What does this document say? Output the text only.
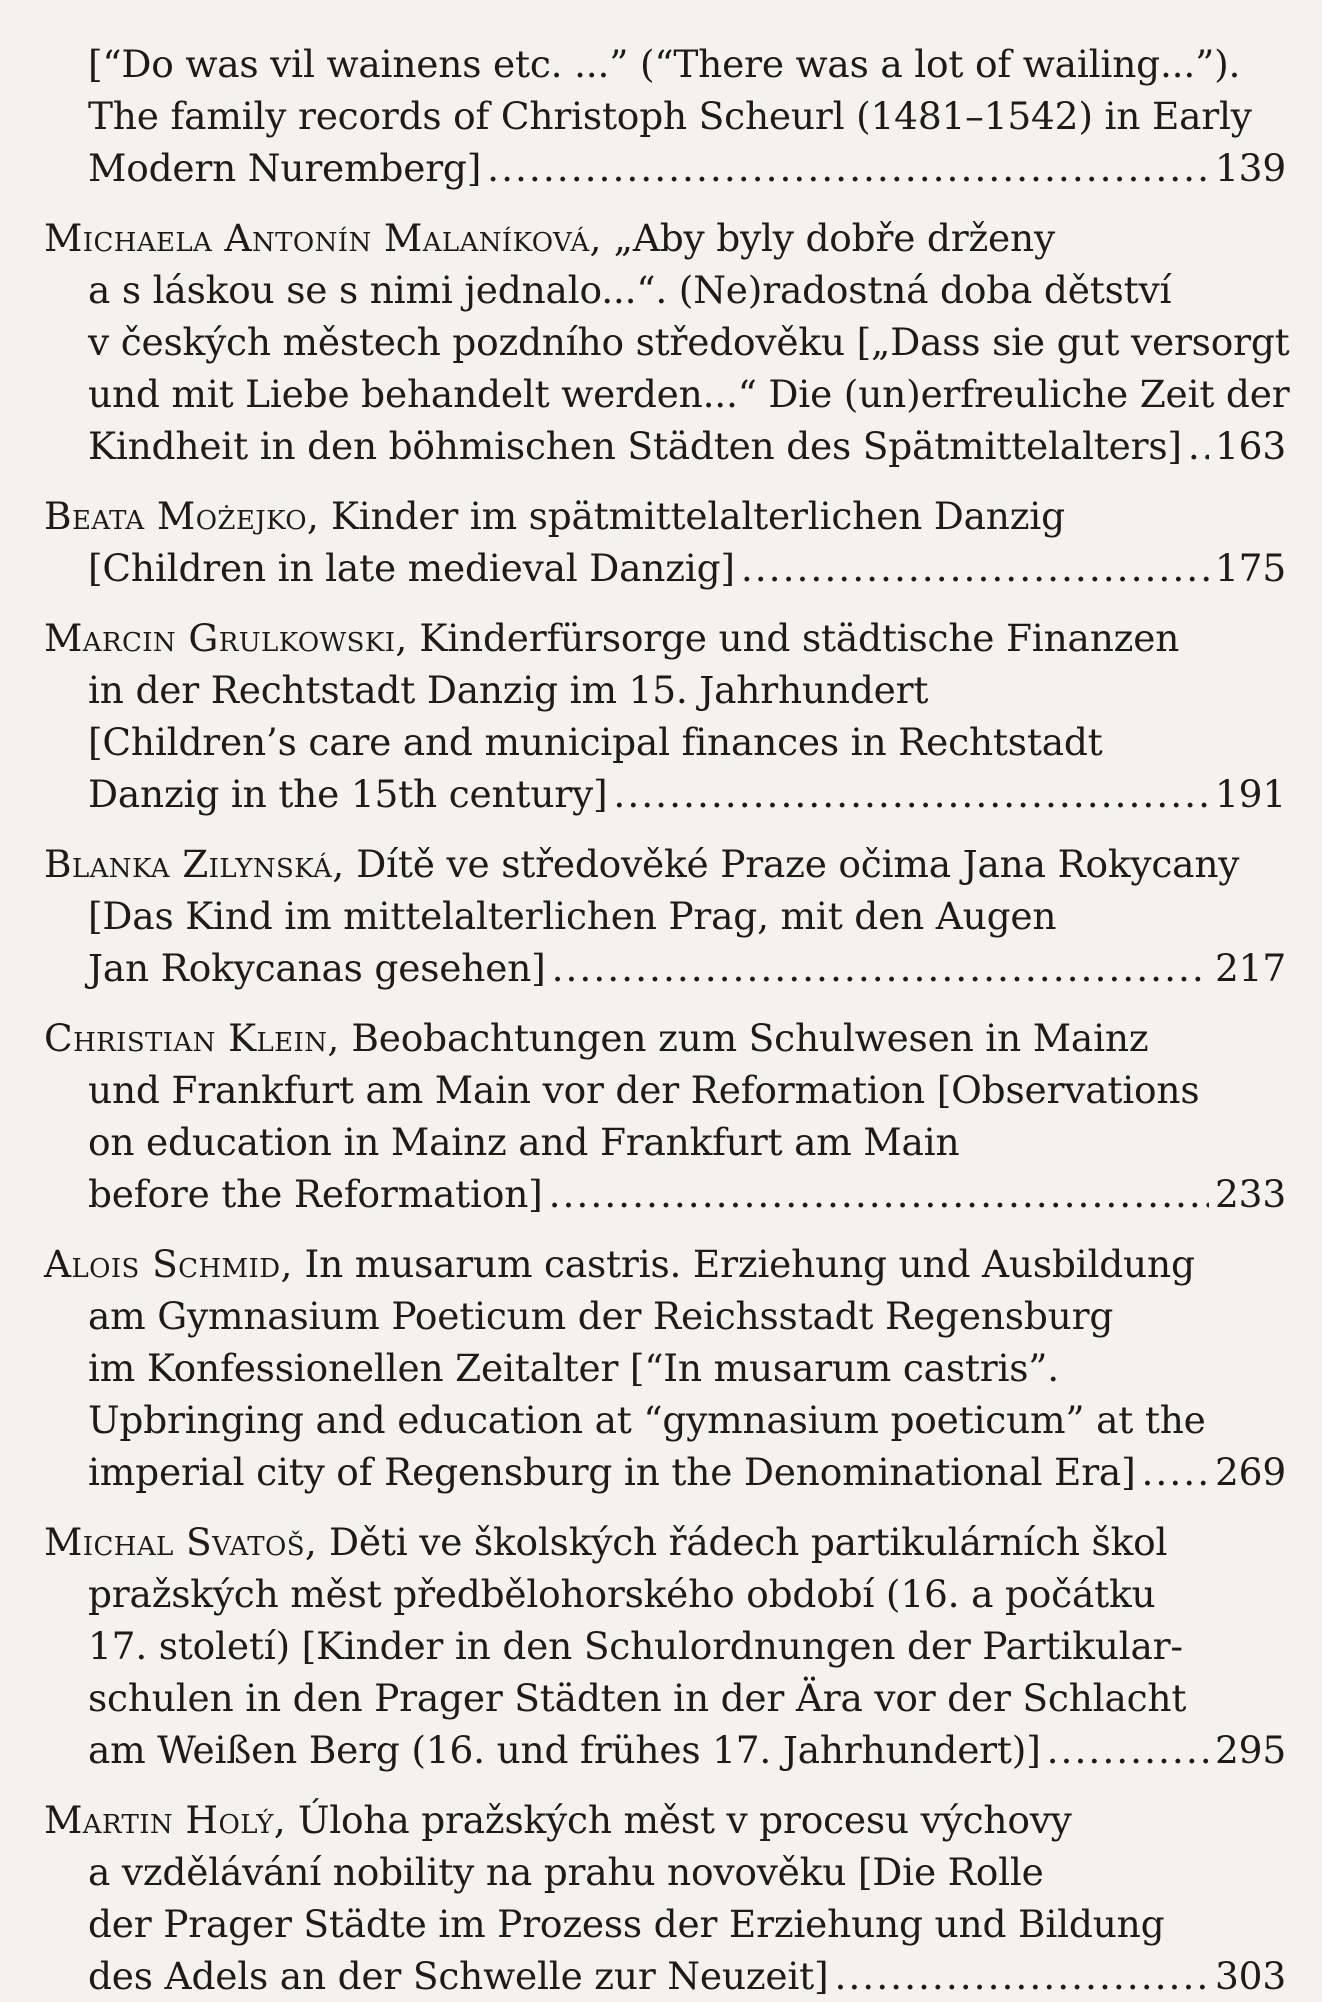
[“Do was vil wainens etc. ...” (“There was a lot of wailing...”).
The family records of Christoph Scheurl (1481–1542) in Early
Modern Nuremberg] .....	139
Michaela Antonín Malaníková, „Aby byly dobře drženy
a s láskou se s nimi jednalo...“. (Ne)radostná doba dětství
v českých městech pozdního středověku [„Dass sie gut versorgt
und mit Liebe behandelt werden...“ Die (un)erfreuliche Zeit der
Kindheit in den böhmischen Städten des Spätmittelalters] ..... 163
Beata Możejko, Kinder im spätmittelalterlichen Danzig
[Children in late medieval Danzig] .....	175
Marcin Grulkowski, Kinderfürsorge und städtische Finanzen
in der Rechtstadt Danzig im 15. Jahrhundert
[Children’s care and municipal finances in Rechtstadt
Danzig in the 15th century] .....	191
Blanka Zilynská, Dítě ve středověké Praze očima Jana Rokycany
[Das Kind im mittelalterlichen Prag, mit den Augen
Jan Rokycanas gesehen] .....	217
Christian Klein, Beobachtungen zum Schulwesen in Mainz
und Frankfurt am Main vor der Reformation [Observations
on education in Mainz and Frankfurt am Main
before the Reformation] .....	233
Alois Schmid, In musarum castris. Erziehung und Ausbildung
am Gymnasium Poeticum der Reichsstadt Regensburg
im Konfessionellen Zeitalter [“In musarum castris”.
Upbringing and education at “gymnasium poeticum” at the
imperial city of Regensburg in the Denominational Era] ..... 269
Michal Svatoš, Děti ve školských řádech partikulárních škol
pražských měst předbělohorského období (16. a počátku
17. století) [Kinder in den Schulordnungen der Partikular-
schulen in den Prager Städten in der Ära vor der Schlacht
am Weißen Berg (16. und frühes 17. Jahrhundert)] .....	295
Martin Holý, Úloha pražských měst v procesu výchovy
a vzdělávání nobility na prahu novověku [Die Rolle
der Prager Städte im Prozess der Erziehung und Bildung
des Adels an der Schwelle zur Neuzeit] .....	303
